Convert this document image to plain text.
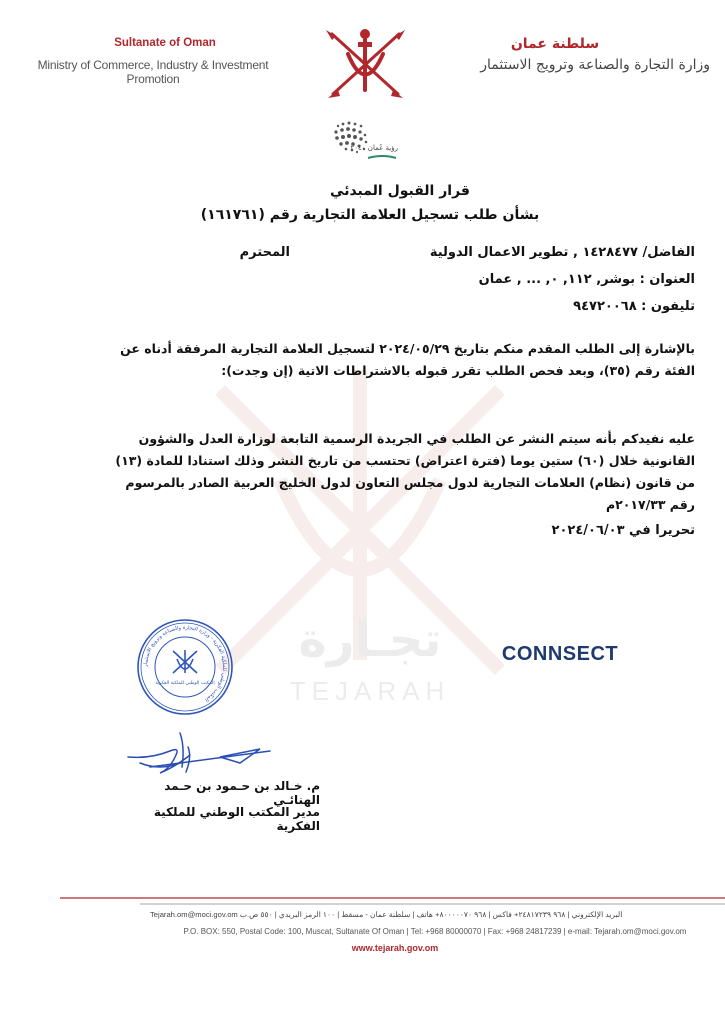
Sultanate of Oman
Ministry of Commerce, Industry & Investment Promotion
سلطنة عمان
وزارة التجارة والصناعة وترويج الاستثمار
رؤية عُمان ٢٠٤٠
تجـارة
TEJARAH
قرار القبول المبدئي
بشأن طلب تسجيل العلامة التجارية رقم (١٦١٧٦١)
الفاضل/ ١٤٢٨٤٧٧ , تطوير الاعمال الدولية
المحترم
العنوان : بوشر, ١١٢, ٠, ... , عمان
تليفون : ٩٤٧٢٠٠٦٨
بالإشارة إلى الطلب المقدم منكم بتاريخ ٢٠٢٤/٠٥/٢٩ لتسجيل العلامة التجارية المرفقة أدناه عن الفئة رقم (٣٥)، وبعد فحص الطلب تقرر قبوله بالاشتراطات الاتية (إن وجدت):
عليه نفيدكم بأنه سيتم النشر عن الطلب في الجريدة الرسمية التابعة لوزارة العدل والشؤون القانونية خلال (٦٠) ستين يوما (فترة اعتراض) تحتسب من تاريخ النشر وذلك استنادا للمادة (١٣) من قانون (نظام) العلامات التجارية لدول مجلس التعاون لدول الخليج العربية الصادر بالمرسوم رقم ٢٠١٧/٣٣م
تحريرا في ٢٠٢٤/٠٦/٠٣
CONNSECT
المكتب الوطني للملكية الفكرية - وزارة التجارة والصناعة وترويج الاستثمار
المكتب الوطني للملكية الفكرية
م. خـالد بن حـمود بن حـمد الهنائـي
مدير المكتب الوطني للملكية الفكرية
Tejarah.om@moci.gov.om البريد الإلكتروني | ٩٦٨ ٢٤٨١٧٢٣٩+ فاكس | ٩٦٨ ٨٠٠٠٠٠٧٠+ هاتف | سلطنة عمان - مسقط | ١٠٠ الرمز البريدي | ٥٥٠ ص.ب
P.O. BOX: 550, Postal Code: 100, Muscat, Sultanate Of Oman | Tel: +968 80000070 | Fax: +968 24817239 | e-mail: Tejarah.om@moci.gov.om
www.tejarah.gov.om
